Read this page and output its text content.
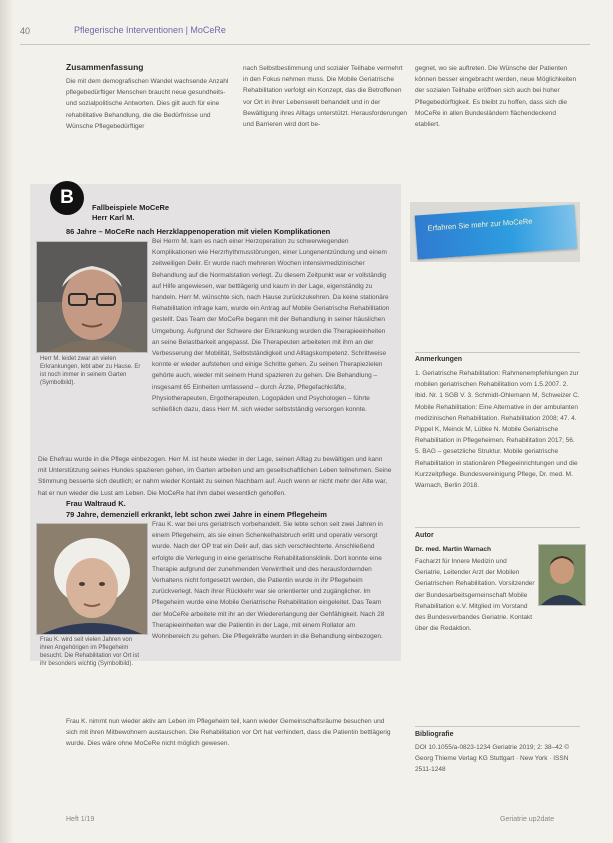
40	Pflegerische Interventionen | MoCeRe
Zusammenfassung
Die mit dem demografischen Wandel wachsende Anzahl pflegebedürftiger Menschen braucht neue gesundheits- und sozialpolitische Antworten. Dies gilt auch für eine rehabilitative Behandlung, die die Bedürfnisse und Wünsche Pflegebedürftiger
nach Selbstbestimmung und sozialer Teilhabe vermehrt in den Fokus nehmen muss. Die Mobile Geriatrische Rehabilitation verfolgt ein Konzept, das die Betroffenen vor Ort in ihrer Lebenswelt behandelt und in der Bewältigung ihres Alltags unterstützt. Herausforderungen und Barrieren wird dort be-
gegnet, wo sie auftreten. Die Wünsche der Patienten können besser eingebracht werden, neue Möglichkeiten der sozialen Teilhabe eröffnen sich auch bei hoher Pflegebedürftigkeit. Es bleibt zu hoffen, dass sich die MoCeRe in allen Bundesländern flächendeckend etabliert.
B	Fallbeispiele MoCeRe
Herr Karl M.
86 Jahre – MoCeRe nach Herzklappenoperation mit vielen Komplikationen
Herr M. leidet zwar an vielen Erkrankungen, lebt aber zu Hause. Er ist noch immer in seinem Garten (Symbolbild).
Bei Herrn M. kam es nach einer Herzoperation zu schwerwiegenden Komplikationen wie Herzrhythmusstörungen, einer Lungenentzündung und einem zeitweiligen Delir. Er wurde nach mehreren Wochen intensivmedizinischer Behandlung auf die Normalstation verlegt. Zu diesem Zeitpunkt war er vollständig auf Hilfe angewiesen, war bettlägerig und kaum in der Lage, eigenständig zu handeln. Herr M. wünschte sich, nach Hause zurückzukehren. Da keine stationäre Rehabilitation infrage kam, wurde ein Antrag auf Mobile Geriatrische Rehabilitation gestellt. Das Team der MoCeRe begann mit der Behandlung in seiner häuslichen Umgebung. Aufgrund der Schwere der Erkrankung wurden die Therapieeinheiten an seine Belastbarkeit angepasst. Die Therapeuten arbeiteten mit ihm an der Verbesserung der Mobilität, Selbstständigkeit und Alltagskompetenz. Schrittweise konnte er wieder aufstehen und einige Schritte gehen. Zu seinen Therapiezielen gehörte auch, wieder mit seinem Hund spazieren zu gehen. Die Behandlung – insgesamt 65 Einheiten umfassend – durch Ärzte, Pflegefachkräfte, Physiotherapeuten, Ergotherapeuten, Logopäden und Psychologen – führte schließlich dazu, dass Herr M. sich wieder selbstständig versorgen konnte.
Die Ehefrau wurde in die Pflege einbezogen. Herr M. ist heute wieder in der Lage, seinen Alltag zu bewältigen und kann mit Unterstützung seines Hundes spazieren gehen, im Garten arbeiten und am gesellschaftlichen Leben teilnehmen. Seine Stimmung besserte sich deutlich; er nahm wieder Kontakt zu seinen Nachbarn auf. Auch wenn er nicht mehr der Alte war, hat er nun wieder die Lust am Leben. Die MoCeRe hat ihm dabei wesentlich geholfen.
Frau Waltraud K.
79 Jahre, demenziell erkrankt, lebt schon zwei Jahre in einem Pflegeheim
Frau K. wird seit vielen Jahren von ihren Angehörigen im Pflegeheim besucht. Die Rehabilitation vor Ort ist ihr besonders wichtig (Symbolbild).
Frau K. war bei uns geriatrisch vorbehandelt. Sie lebte schon seit zwei Jahren in einem Pflegeheim, als sie einen Schenkelhalsbruch erlitt und operativ versorgt wurde. Nach der OP trat ein Delir auf, das sich verschlechterte. Anschließend erfolgte die Verlegung in eine geriatrische Rehabilitationsklinik. Dort konnte eine Therapie aufgrund der zunehmenden Verwirrtheit und des herausfordernden Verhaltens nicht fortgesetzt werden, die Patientin wurde in ihr Pflegeheim zurückverlegt. Nach ihrer Rückkehr war sie orientierter und zugänglicher. Im Pflegeheim wurde eine Mobile Geriatrische Rehabilitation eingeleitet. Das Team der MoCeRe arbeitete mit ihr an der Wiedererlangung der Gehfähigkeit. Nach 28 Therapieeinheiten war die Patientin in der Lage, mit einem Rollator am Wohnbereich zu gehen. Die Pflegekräfte wurden in die Behandlung einbezogen.
Frau K. nimmt nun wieder aktiv am Leben im Pflegeheim teil, kann wieder Gemeinschaftsräume besuchen und sich mit ihren Mitbewohnern austauschen. Die Rehabilitation vor Ort hat verhindert, dass die Patientin bettlägerig wurde. Dies wäre ohne MoCeRe nicht möglich gewesen.
Erfahren Sie mehr zur MoCeRe
Anmerkungen
1. Geriatrische Rehabilitation: Rahmenempfehlungen zur mobilen geriatrischen Rehabilitation vom 1.5.2007. 2. Ibid. Nr. 1 SGB V. 3. Schmidt-Ohlemann M, Schweizer C. Mobile Rehabilitation: Eine Alternative in der ambulanten medizinischen Rehabilitation. Rehabilitation 2008; 47. 4. Pippel K, Meinck M, Lübke N. Mobile Geriatrische Rehabilitation in Pflegeheimen. Rehabilitation 2017; 56. 5. BAG – gesetzliche Struktur. Mobile geriatrische Rehabilitation in stationären Pflegeeinrichtungen und die Kurzzeitpflege. Bundesvereinigung Pflege, Dr. med. M. Warnach, Berlin 2018.
Autor
Dr. med. Martin Warnach
Facharzt für Innere Medizin und Geriatrie, Leitender Arzt der Mobilen Geriatrischen Rehabilitation. Vorsitzender der Bundesarbeitsgemeinschaft Mobile Rehabilitation e.V. Mitglied im Vorstand des Bundesverbandes Geriatrie. Kontakt über die Redaktion.
Bibliografie
DOI 10.1055/a-0823-1234 Geriatrie 2019; 2: 38–42 © Georg Thieme Verlag KG Stuttgart · New York · ISSN 2511-1248
Heft 1/19	Geriatrie up2date
